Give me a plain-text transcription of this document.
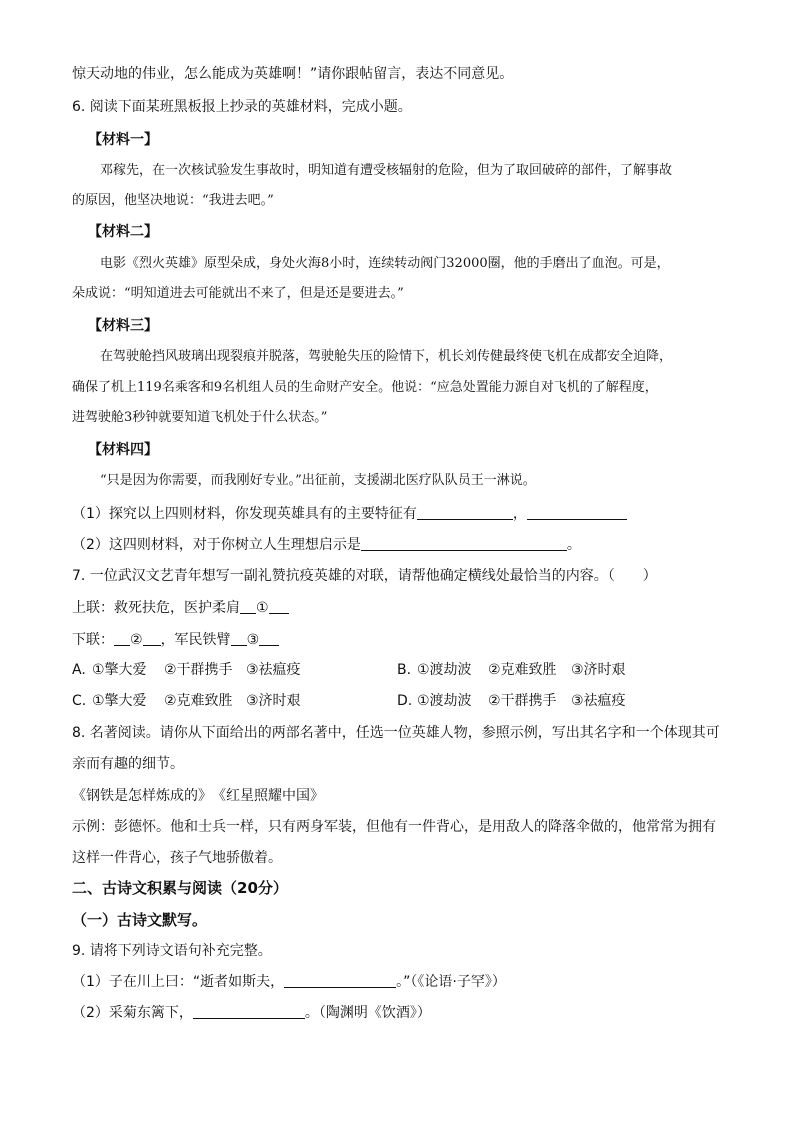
惊天动地的伟业，怎么能成为英雄啊！”请你跟帖留言，表达不同意见。
6. 阅读下面某班黑板报上抄录的英雄材料，完成小题。
【材料一】
邓稼先，在一次核试验发生事故时，明知道有遭受核辐射的危险，但为了取回破碎的部件，了解事故
的原因，他坚决地说：“我进去吧。”
【材料二】
电影《烈火英雄》原型朵成，身处火海8小时，连续转动阀门32000圈，他的手磨出了血泡。可是，
朵成说：“明知道进去可能就出不来了，但是还是要进去。”
【材料三】
在驾驶舱挡风玻璃出现裂痕并脱落，驾驶舱失压的险情下，机长刘传健最终使飞机在成都安全迫降，
确保了机上119名乘客和9名机组人员的生命财产安全。他说：“应急处置能力源自对飞机的了解程度，
进驾驶舱3秒钟就要知道飞机处于什么状态。”
【材料四】
“只是因为你需要，而我刚好专业。”出征前，支援湖北医疗队队员王一淋说。
（1）探究以上四则材料，你发现英雄具有的主要特征有	，
（2）这四则材料，对于你树立人生理想启示是	。
7. 一位武汉文艺青年想写一副礼赞抗疫英雄的对联，请帮他确定横线处最恰当的内容。（　　）
上联：救死扶危，医护柔肩 ①
下联： ② ，军民铁臂 ③
A. ①擎大爱 ②干群携手 ③祛瘟疫	B. ①渡劫波 ②克难致胜 ③济时艰
C. ①擎大爱 ②克难致胜 ③济时艰	D. ①渡劫波 ②干群携手 ③祛瘟疫
8. 名著阅读。请你从下面给出的两部名著中，任选一位英雄人物，参照示例，写出其名字和一个体现其可
亲而有趣的细节。
《钢铁是怎样炼成的》　《红星照耀中国》
示例：彭德怀。他和士兵一样，只有两身军装，但他有一件背心，是用敌人的降落伞做的，他常常为拥有
这样一件背心，孩子气地骄傲着。
二、古诗文积累与阅读（20分）
（一）古诗文默写。
9. 请将下列诗文语句补充完整。
（1）子在川上曰：“逝者如斯夫，	。”（《论语·子罕》）
（2）采菊东篱下，	。（陶渊明《饮酒》）
